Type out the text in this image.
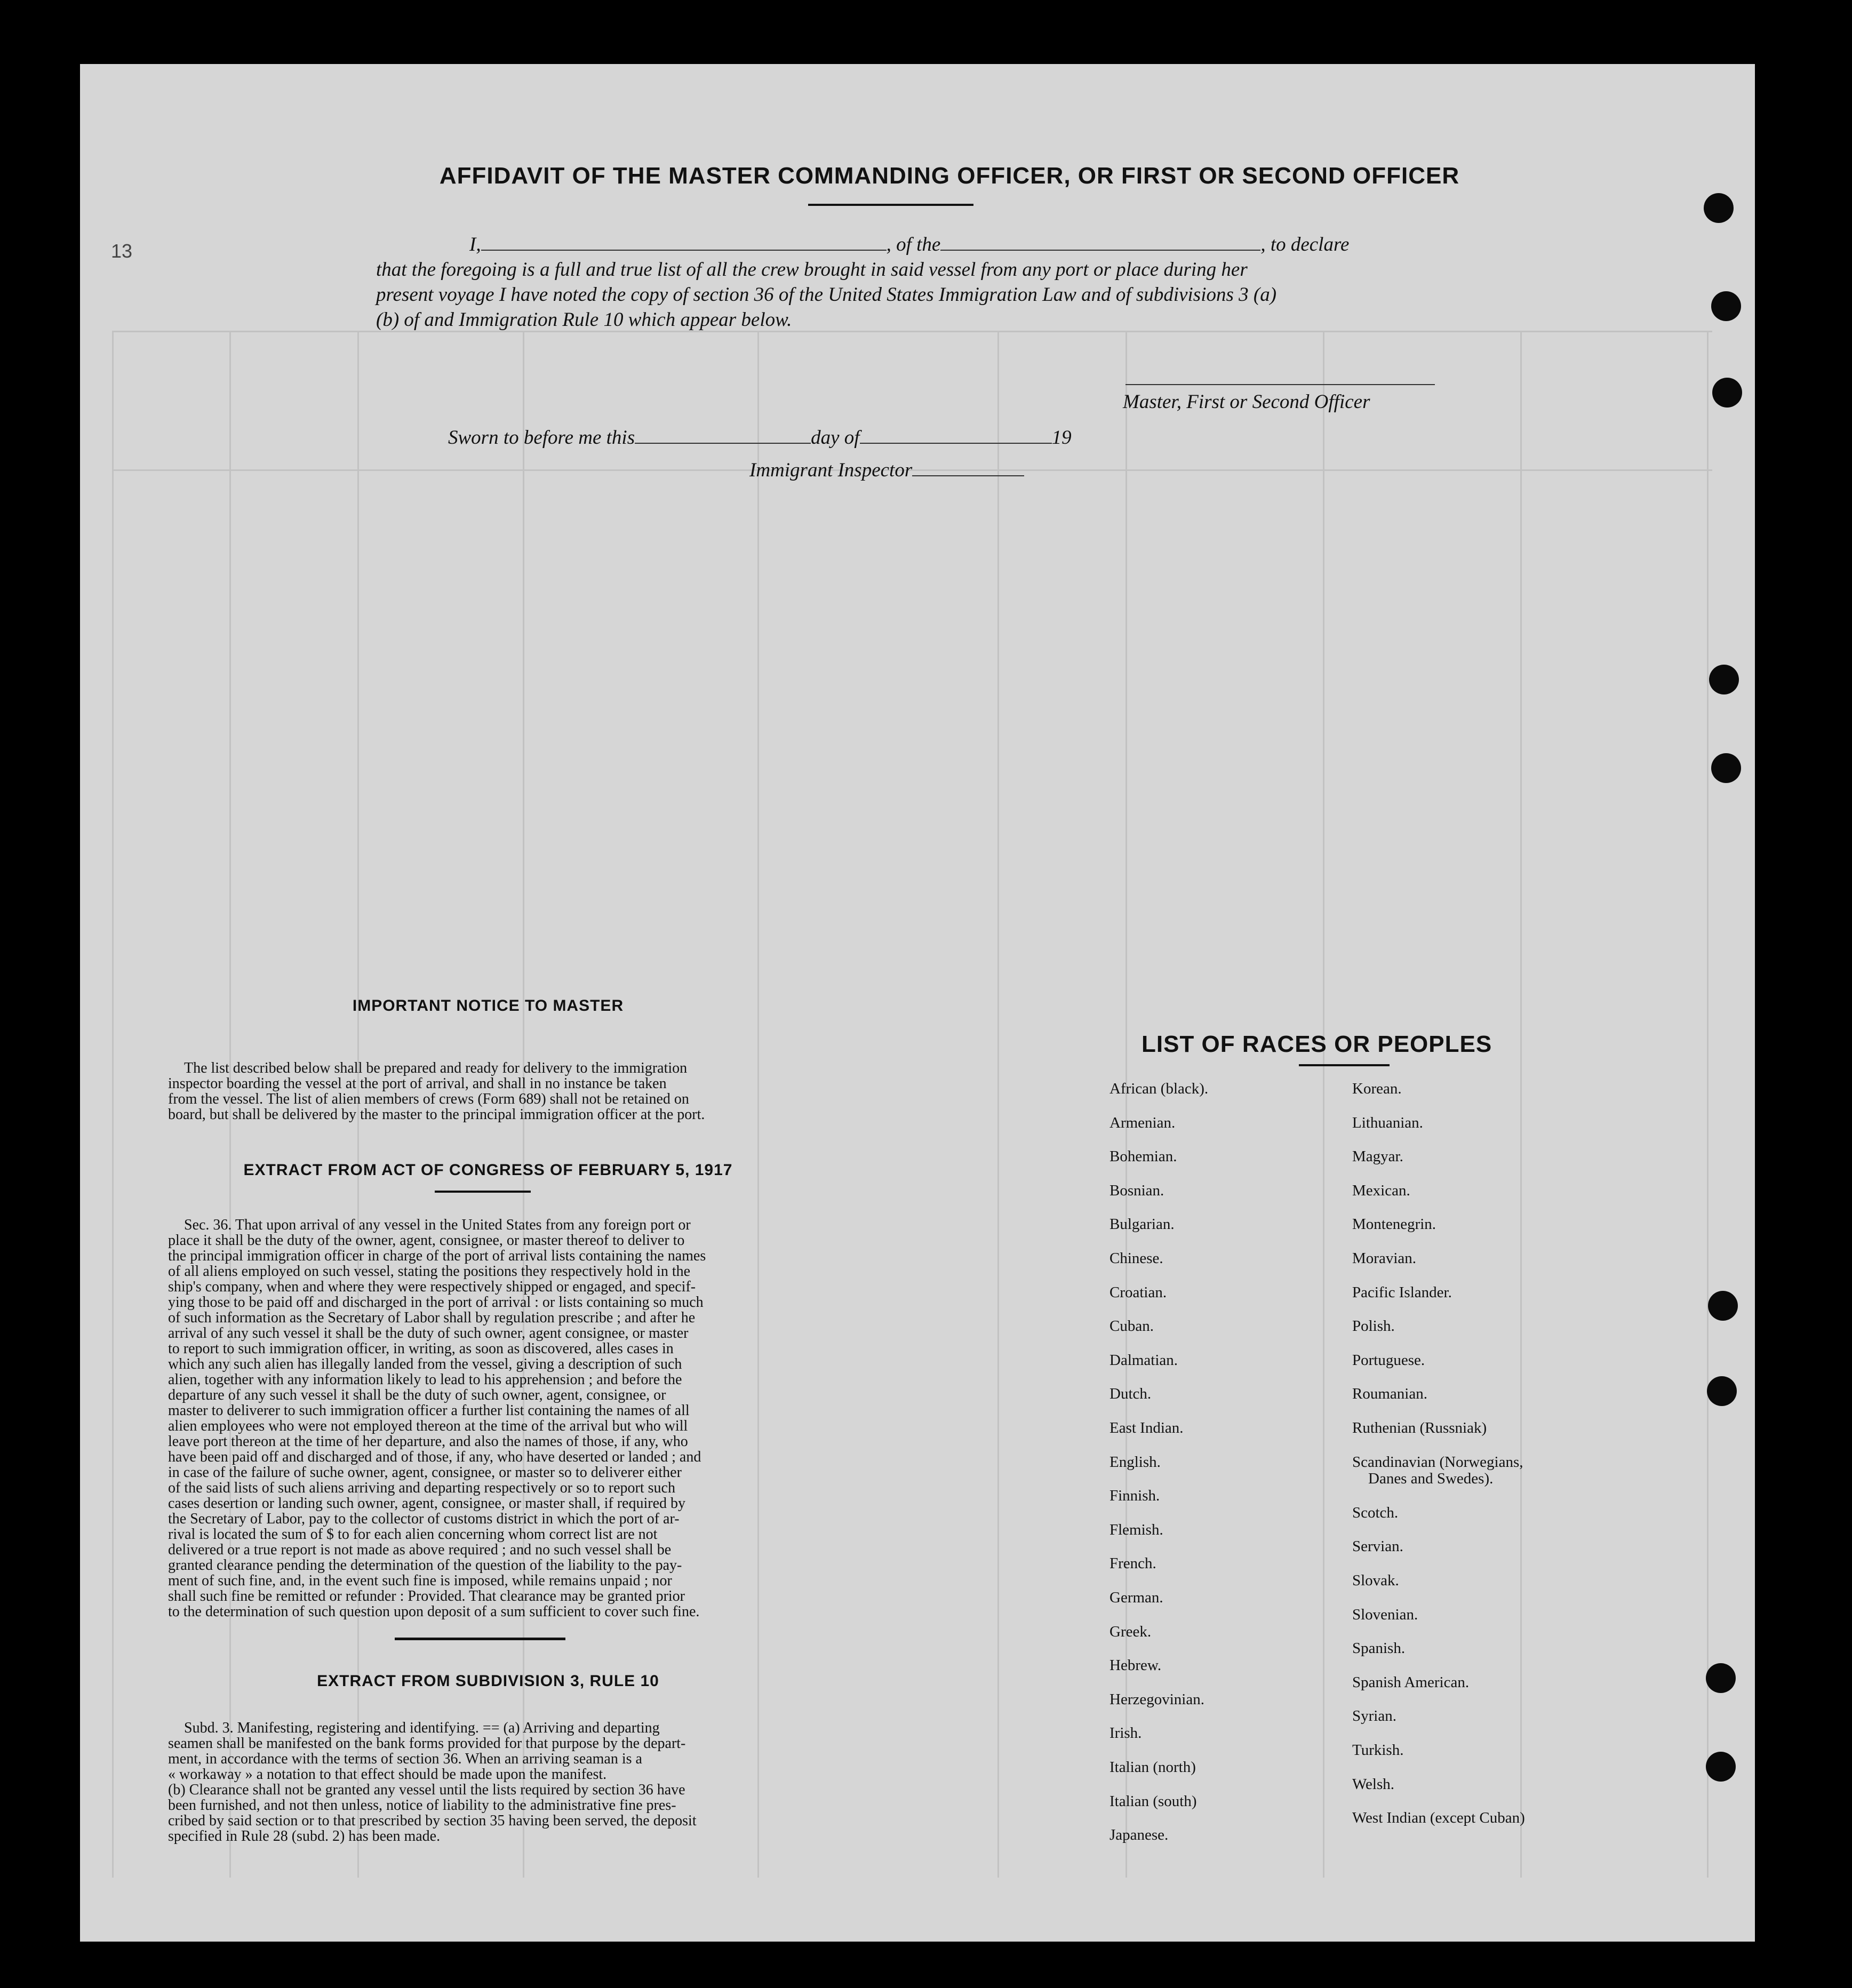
13
AFFIDAVIT OF THE MASTER COMMANDING OFFICER, OR FIRST OR SECOND OFFICER
I,	, of the	, to declare
that the foregoing is a full and true list of all the crew brought in said vessel from any port or place during her
present voyage I have noted the copy of section 36 of the United States Immigration Law and of subdivisions 3 (a)
(b) of and Immigration Rule 10 which appear below.
Master, First or Second Officer
Sworn to before me this	day of	19
Immigrant Inspector
IMPORTANT NOTICE TO MASTER
The list described below shall be prepared and ready for delivery to the immigration
inspector boarding the vessel at the port of arrival, and shall in no instance be taken
from the vessel. The list of alien members of crews (Form 689) shall not be retained on
board, but shall be delivered by the master to the principal immigration officer at the port.
EXTRACT FROM ACT OF CONGRESS OF FEBRUARY 5, 1917
Sec. 36. That upon arrival of any vessel in the United States from any foreign port or
place it shall be the duty of the owner, agent, consignee, or master thereof to deliver to
the principal immigration officer in charge of the port of arrival lists containing the names
of all aliens employed on such vessel, stating the positions they respectively hold in the
ship's company, when and where they were respectively shipped or engaged, and specif-
ying those to be paid off and discharged in the port of arrival : or lists containing so much
of such information as the Secretary of Labor shall by regulation prescribe ; and after he
arrival of any such vessel it shall be the duty of such owner, agent consignee, or master
to report to such immigration officer, in writing, as soon as discovered, alles cases in
which any such alien has illegally landed from the vessel, giving a description of such
alien, together with any information likely to lead to his apprehension ; and before the
departure of any such vessel it shall be the duty of such owner, agent, consignee, or
master to deliverer to such immigration officer a further list containing the names of all
alien employees who were not employed thereon at the time of the arrival but who will
leave port thereon at the time of her departure, and also the names of those, if any, who
have been paid off and discharged and of those, if any, who have deserted or landed ; and
in case of the failure of suche owner, agent, consignee, or master so to deliverer either
of the said lists of such aliens arriving and departing respectively or so to report such
cases desertion or landing such owner, agent, consignee, or master shall, if required by
the Secretary of Labor, pay to the collector of customs district in which the port of ar-
rival is located the sum of $ to for each alien concerning whom correct list are not
delivered or a true report is not made as above required ; and no such vessel shall be
granted clearance pending the determination of the question of the liability to the pay-
ment of such fine, and, in the event such fine is imposed, while remains unpaid ; nor
shall such fine be remitted or refunder : Provided. That clearance may be granted prior
to the determination of such question upon deposit of a sum sufficient to cover such fine.
EXTRACT FROM SUBDIVISION 3, RULE 10
Subd. 3. Manifesting, registering and identifying. == (a) Arriving and departing
seamen shall be manifested on the bank forms provided for that purpose by the depart-
ment, in accordance with the terms of section 36. When an arriving seaman is a
« workaway » a notation to that effect should be made upon the manifest.
(b) Clearance shall not be granted any vessel until the lists required by section 36 have
been furnished, and not then unless, notice of liability to the administrative fine pres-
cribed by said section or to that prescribed by section 35 having been served, the deposit
specified in Rule 28 (subd. 2) has been made.
LIST OF RACES OR PEOPLES
African (black).
Armenian.
Bohemian.
Bosnian.
Bulgarian.
Chinese.
Croatian.
Cuban.
Dalmatian.
Dutch.
East Indian.
English.
Finnish.
Flemish.
French.
German.
Greek.
Hebrew.
Herzegovinian.
Irish.
Italian (north)
Italian (south)
Japanese.
Korean.
Lithuanian.
Magyar.
Mexican.
Montenegrin.
Moravian.
Pacific Islander.
Polish.
Portuguese.
Roumanian.
Ruthenian (Russniak)
Scandinavian (Norwegians,
Danes and Swedes).
Scotch.
Servian.
Slovak.
Slovenian.
Spanish.
Spanish American.
Syrian.
Turkish.
Welsh.
West Indian (except Cuban)
